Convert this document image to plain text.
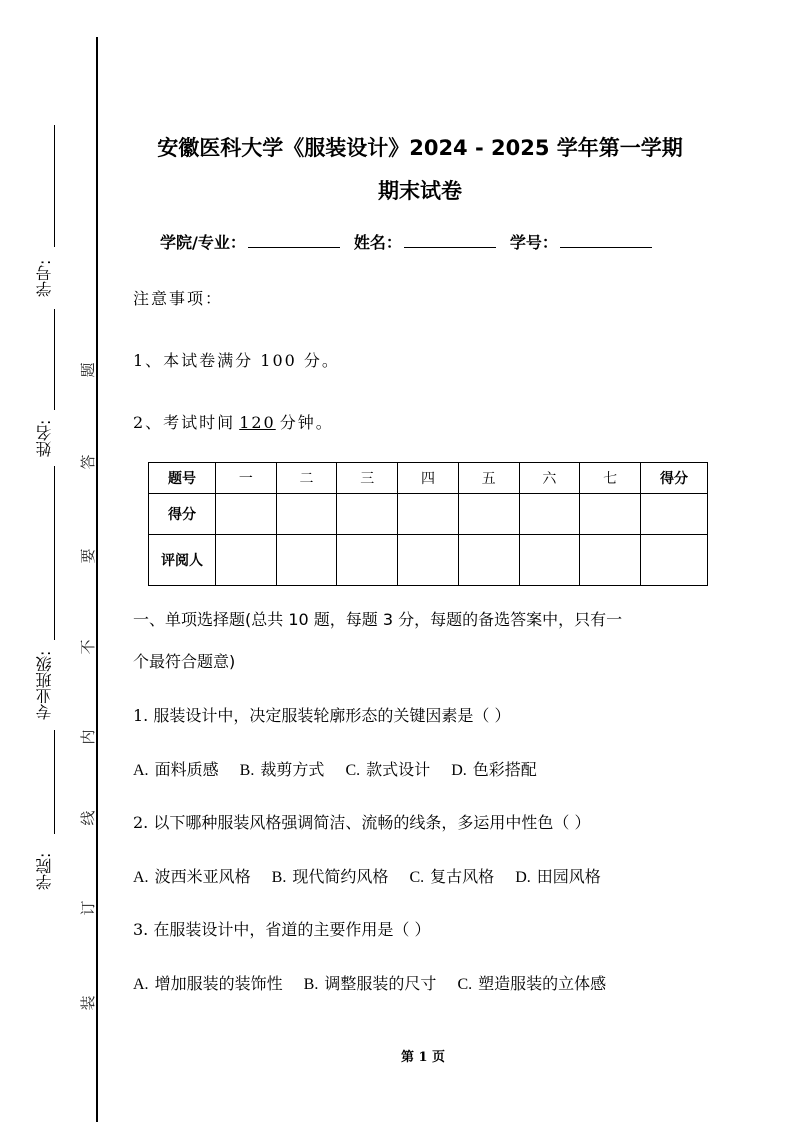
学号:
姓名:
专业班级:
学院:
题
答
要
不
内
线
订
装
安徽医科大学《服装设计》2024 - 2025 学年第一学期
期末试卷
学院/专业：	姓名：	学号：
注意事项：
1、本试卷满分 100 分。
2、考试时间 120 分钟。
题号	一	二	三	四	五	六	七	得分
得分								
评阅人								
一、单项选择题(总共 10 题，每题 3 分，每题的备选答案中，只有一
个最符合题意)
1. 服装设计中，决定服装轮廓形态的关键因素是（ ）
A. 面料质感 B. 裁剪方式 C. 款式设计 D. 色彩搭配
2. 以下哪种服装风格强调简洁、流畅的线条，多运用中性色（ ）
A. 波西米亚风格 B. 现代简约风格 C. 复古风格 D. 田园风格
3. 在服装设计中，省道的主要作用是（ ）
A. 增加服装的装饰性 B. 调整服装的尺寸 C. 塑造服装的立体感
第 1 页
